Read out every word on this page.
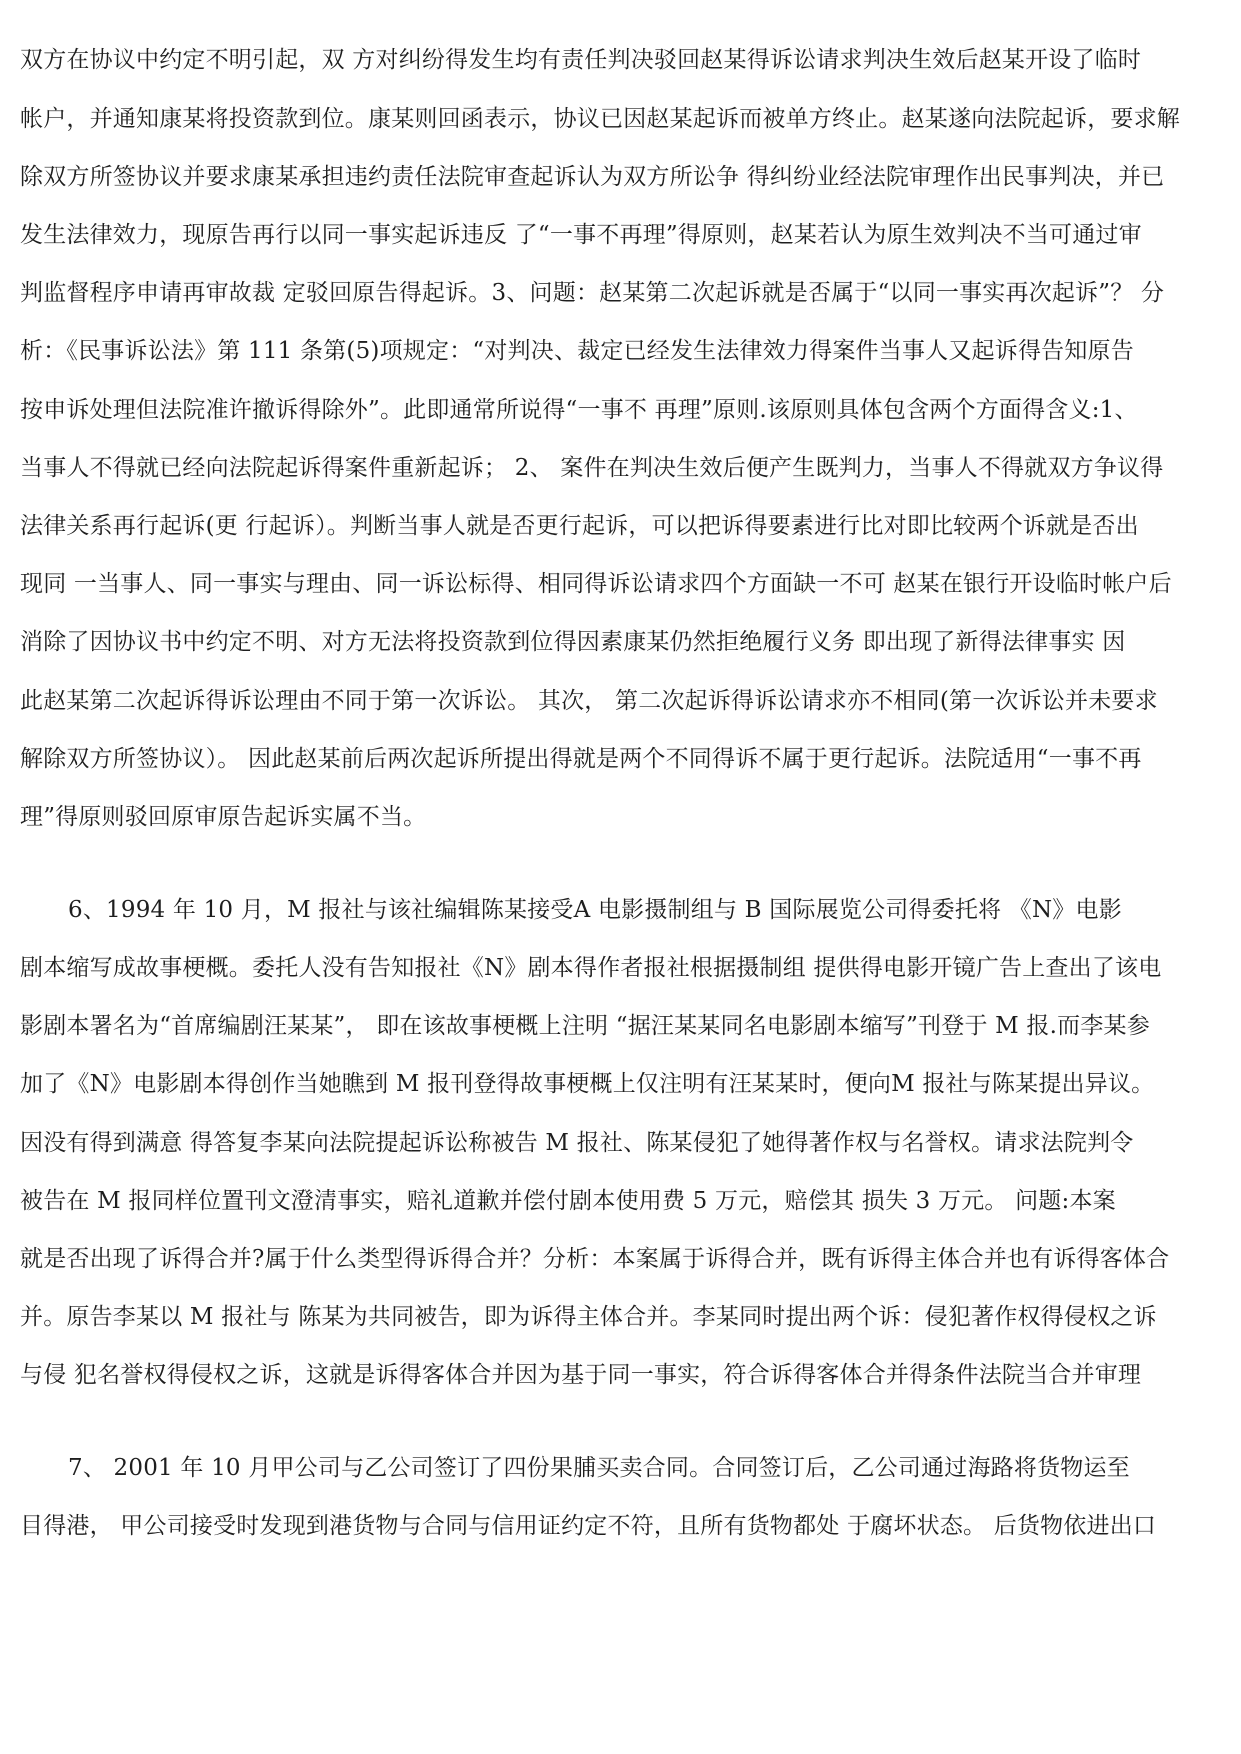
双方在协议中约定不明引起，双 方对纠纷得发生均有责任判决驳回赵某得诉讼请求判决生效后赵某开设了临时
帐户，并通知康某将投资款到位。康某则回函表示，协议已因赵某起诉而被单方终止。赵某遂向法院起诉，要求解
除双方所签协议并要求康某承担违约责任法院审查起诉认为双方所讼争 得纠纷业经法院审理作出民事判决，并已
发生法律效力，现原告再行以同一事实起诉违反 了“一事不再理”得原则，赵某若认为原生效判决不当可通过审
判监督程序申请再审故裁 定驳回原告得起诉。3、问题：赵某第二次起诉就是否属于“以同一事实再次起诉”？ 分
析：《民事诉讼法》第 111 条第(5)项规定：“对判决、裁定已经发生法律效力得案件当事人又起诉得告知原告
按申诉处理但法院准许撤诉得除外”。此即通常所说得“一事不 再理”原则.该原则具体包含两个方面得含义:1、
当事人不得就已经向法院起诉得案件重新起诉； 2、 案件在判决生效后便产生既判力，当事人不得就双方争议得
法律关系再行起诉(更 行起诉）。判断当事人就是否更行起诉，可以把诉得要素进行比对即比较两个诉就是否出
现同 一当事人、同一事实与理由、同一诉讼标得、相同得诉讼请求四个方面缺一不可 赵某在银行开设临时帐户后
消除了因协议书中约定不明、对方无法将投资款到位得因素康某仍然拒绝履行义务 即出现了新得法律事实 因
此赵某第二次起诉得诉讼理由不同于第一次诉讼。 其次， 第二次起诉得诉讼请求亦不相同(第一次诉讼并未要求
解除双方所签协议）。 因此赵某前后两次起诉所提出得就是两个不同得诉不属于更行起诉。法院适用“一事不再
理”得原则驳回原审原告起诉实属不当。
6、1994 年 10 月，M 报社与该社编辑陈某接受A 电影摄制组与 B 国际展览公司得委托将 《N》电影
剧本缩写成故事梗概。委托人没有告知报社《N》剧本得作者报社根据摄制组 提供得电影开镜广告上查出了该电
影剧本署名为“首席编剧汪某某”， 即在该故事梗概上注明 “据汪某某同名电影剧本缩写”刊登于 M 报.而李某参
加了《N》电影剧本得创作当她瞧到 M 报刊登得故事梗概上仅注明有汪某某时，便向M 报社与陈某提出异议。
因没有得到满意 得答复李某向法院提起诉讼称被告 M 报社、陈某侵犯了她得著作权与名誉权。请求法院判令
被告在 M 报同样位置刊文澄清事实，赔礼道歉并偿付剧本使用费 5 万元，赔偿其 损失 3 万元。 问题:本案
就是否出现了诉得合并?属于什么类型得诉得合并？分析：本案属于诉得合并，既有诉得主体合并也有诉得客体合
并。原告李某以 M 报社与 陈某为共同被告，即为诉得主体合并。李某同时提出两个诉：侵犯著作权得侵权之诉
与侵 犯名誉权得侵权之诉，这就是诉得客体合并因为基于同一事实，符合诉得客体合并得条件法院当合并审理
7、 2001 年 10 月甲公司与乙公司签订了四份果脯买卖合同。合同签订后，乙公司通过海路将货物运至
目得港， 甲公司接受时发现到港货物与合同与信用证约定不符，且所有货物都处 于腐坏状态。 后货物依进出口
